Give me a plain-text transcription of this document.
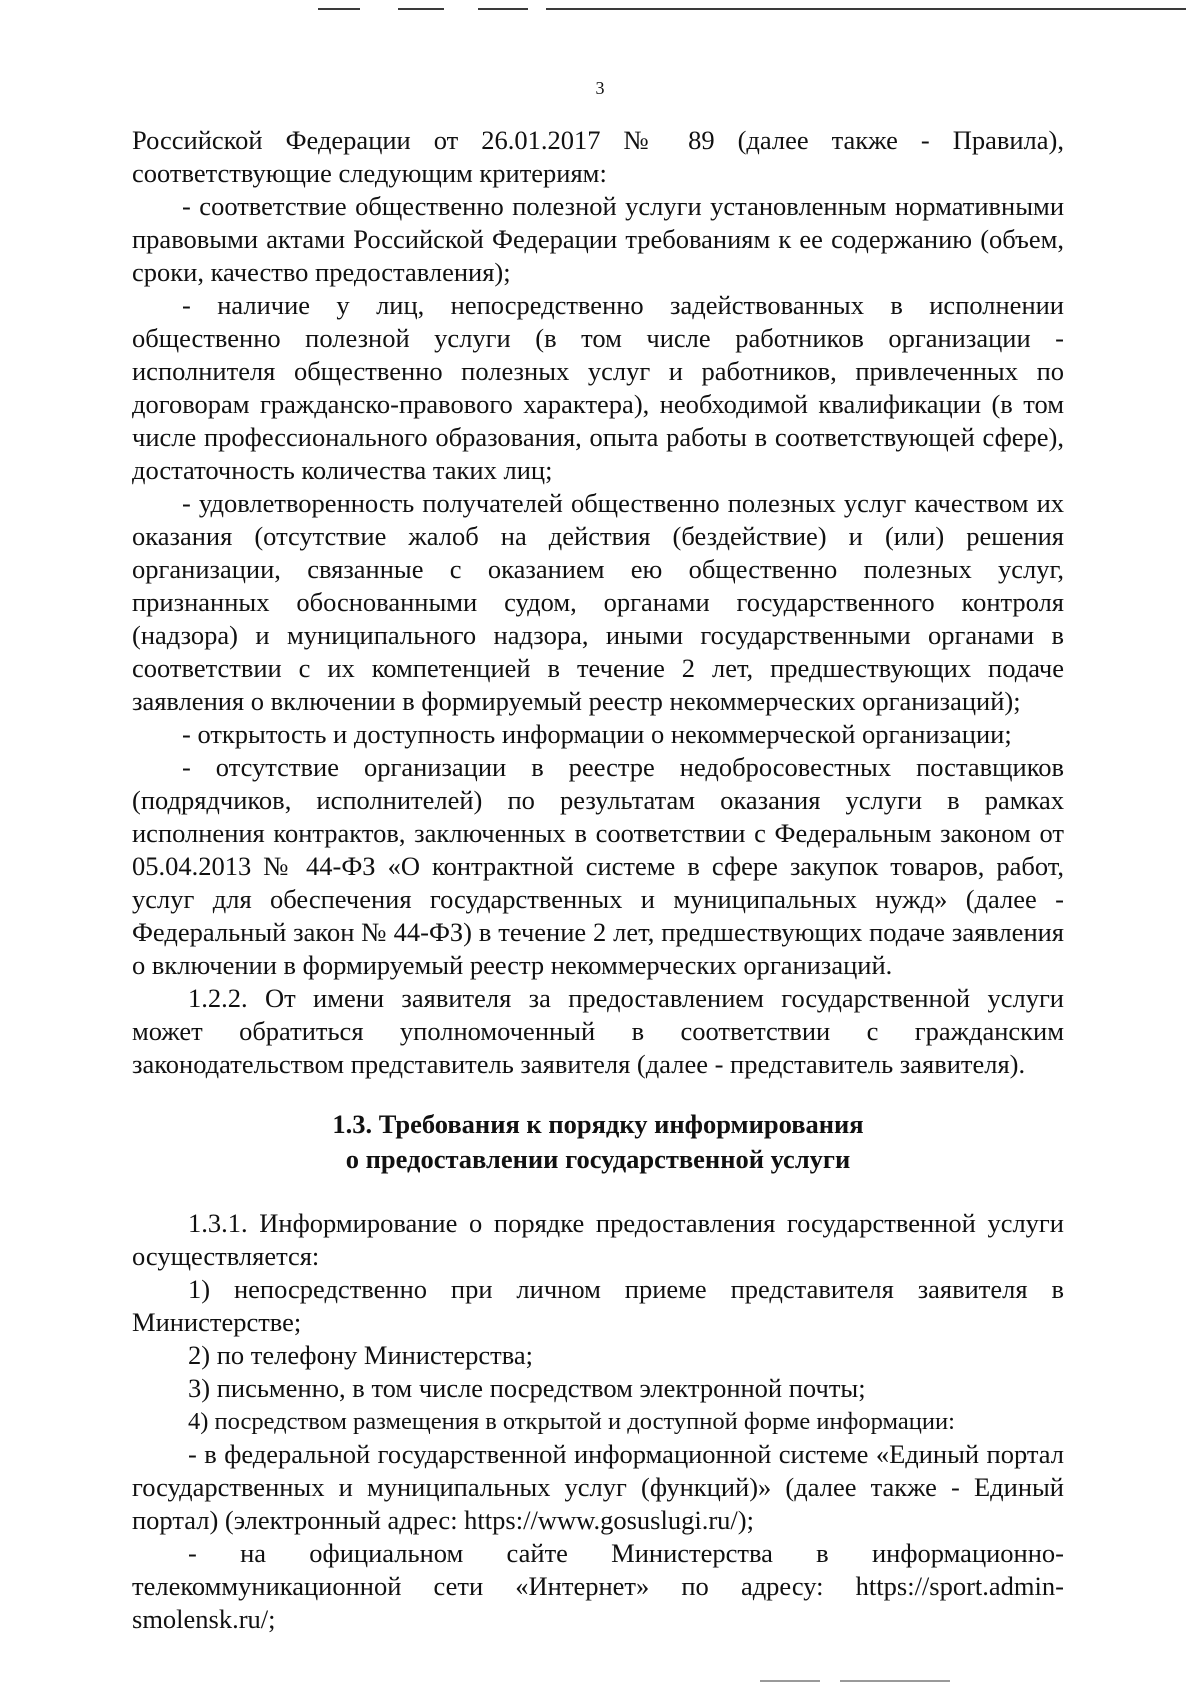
3

Российской Федерации от 26.01.2017 № 89 (далее также - Правила), соответствующие следующим критериям:

- соответствие общественно полезной услуги установленным нормативными правовыми актами Российской Федерации требованиям к ее содержанию (объем, сроки, качество предоставления);

- наличие у лиц, непосредственно задействованных в исполнении общественно полезной услуги (в том числе работников организации - исполнителя общественно полезных услуг и работников, привлеченных по договорам гражданско-правового характера), необходимой квалификации (в том числе профессионального образования, опыта работы в соответствующей сфере), достаточность количества таких лиц;

- удовлетворенность получателей общественно полезных услуг качеством их оказания (отсутствие жалоб на действия (бездействие) и (или) решения организации, связанные с оказанием ею общественно полезных услуг, признанных обоснованными судом, органами государственного контроля (надзора) и муниципального надзора, иными государственными органами в соответствии с их компетенцией в течение 2 лет, предшествующих подаче заявления о включении в формируемый реестр некоммерческих организаций);

- открытость и доступность информации о некоммерческой организации;

- отсутствие организации в реестре недобросовестных поставщиков (подрядчиков, исполнителей) по результатам оказания услуги в рамках исполнения контрактов, заключенных в соответствии с Федеральным законом от 05.04.2013 № 44-ФЗ «О контрактной системе в сфере закупок товаров, работ, услуг для обеспечения государственных и муниципальных нужд» (далее - Федеральный закон № 44-ФЗ) в течение 2 лет, предшествующих подаче заявления о включении в формируемый реестр некоммерческих организаций.

1.2.2. От имени заявителя за предоставлением государственной услуги может обратиться уполномоченный в соответствии с гражданским законодательством представитель заявителя (далее - представитель заявителя).

1.3. Требования к порядку информирования
о предоставлении государственной услуги

1.3.1. Информирование о порядке предоставления государственной услуги осуществляется:

1) непосредственно при личном приеме представителя заявителя в Министерстве;

2) по телефону Министерства;

3) письменно, в том числе посредством электронной почты;

4) посредством размещения в открытой и доступной форме информации:

- в федеральной государственной информационной системе «Единый портал государственных и муниципальных услуг (функций)» (далее также - Единый портал) (электронный адрес: https://www.gosuslugi.ru/);

- на официальном сайте Министерства в информационно-телекоммуникационной сети «Интернет» по адресу: https://sport.admin-smolensk.ru/;
